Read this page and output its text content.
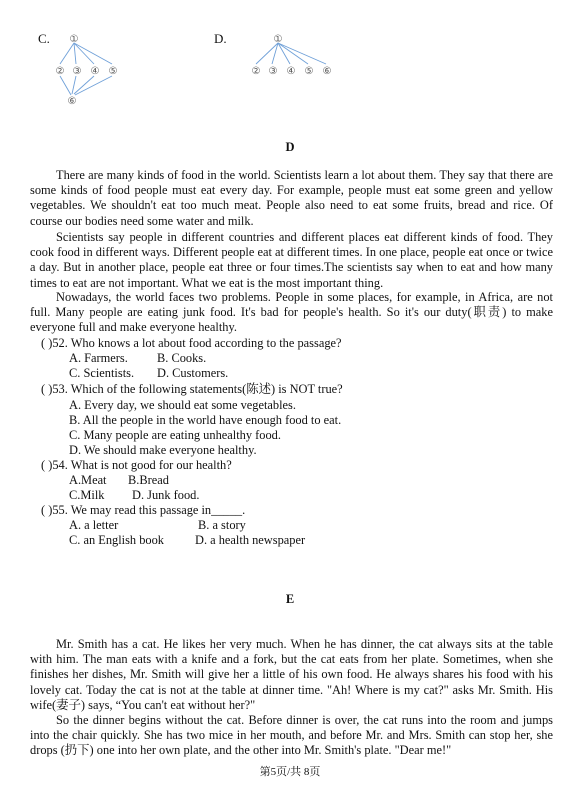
C. ①
② ③ ④ ⑤
⑥
D.	①
② ③ ④ ⑤ ⑥
D

There are many kinds of food in the world. Scientists learn a lot about them. They say that there are some kinds of food people must eat every day. For example, people must eat some green and yellow vegetables. We shouldn't eat too much meat. People also need to eat some fruits, bread and rice. Of course our bodies need some water and milk.

Scientists say people in different countries and different places eat different kinds of food. They cook food in different ways. Different people eat at different times. In one place, people eat once or twice a day. But in another place, people eat three or four times.The scientists say when to eat and how many times to eat are not important. What we eat is the most important thing.

Nowadays, the world faces two problems. People in some places, for example, in Africa, are not full. Many people are eating junk food. It's bad for people's health. So it's our duty(职责) to make everyone full and make everyone healthy.

( )52. Who knows a lot about food according to the passage?
A. Farmers. B. Cooks.
C. Scientists. D. Customers.
( )53. Which of the following statements(陈述) is NOT true?
A. Every day, we should eat some vegetables.
B. All the people in the world have enough food to eat.
C. Many people are eating unhealthy food.
D. We should make everyone healthy.
( )54. What is not good for our health?
A.Meat B.Bread
C.Milk D. Junk food.
( )55. We may read this passage in_____.
A. a letter	B. a story
C. an English book	D. a health newspaper
E

Mr. Smith has a cat. He likes her very much. When he has dinner, the cat always sits at the table with him. The man eats with a knife and a fork, but the cat eats from her plate. Sometimes, when she finishes her dishes, Mr. Smith will give her a little of his own food. He always shares his food with his lovely cat. Today the cat is not at the table at dinner time. "Ah! Where is my cat?" asks Mr. Smith. His wife(妻子) says, “You can't eat without her?"

So the dinner begins without the cat. Before dinner is over, the cat runs into the room and jumps into the chair quickly. She has two mice in her mouth, and before Mr. and Mrs. Smith can stop her, she drops (扔下) one into her own plate, and the other into Mr. Smith's plate. "Dear me!"

第5页/共 8页
